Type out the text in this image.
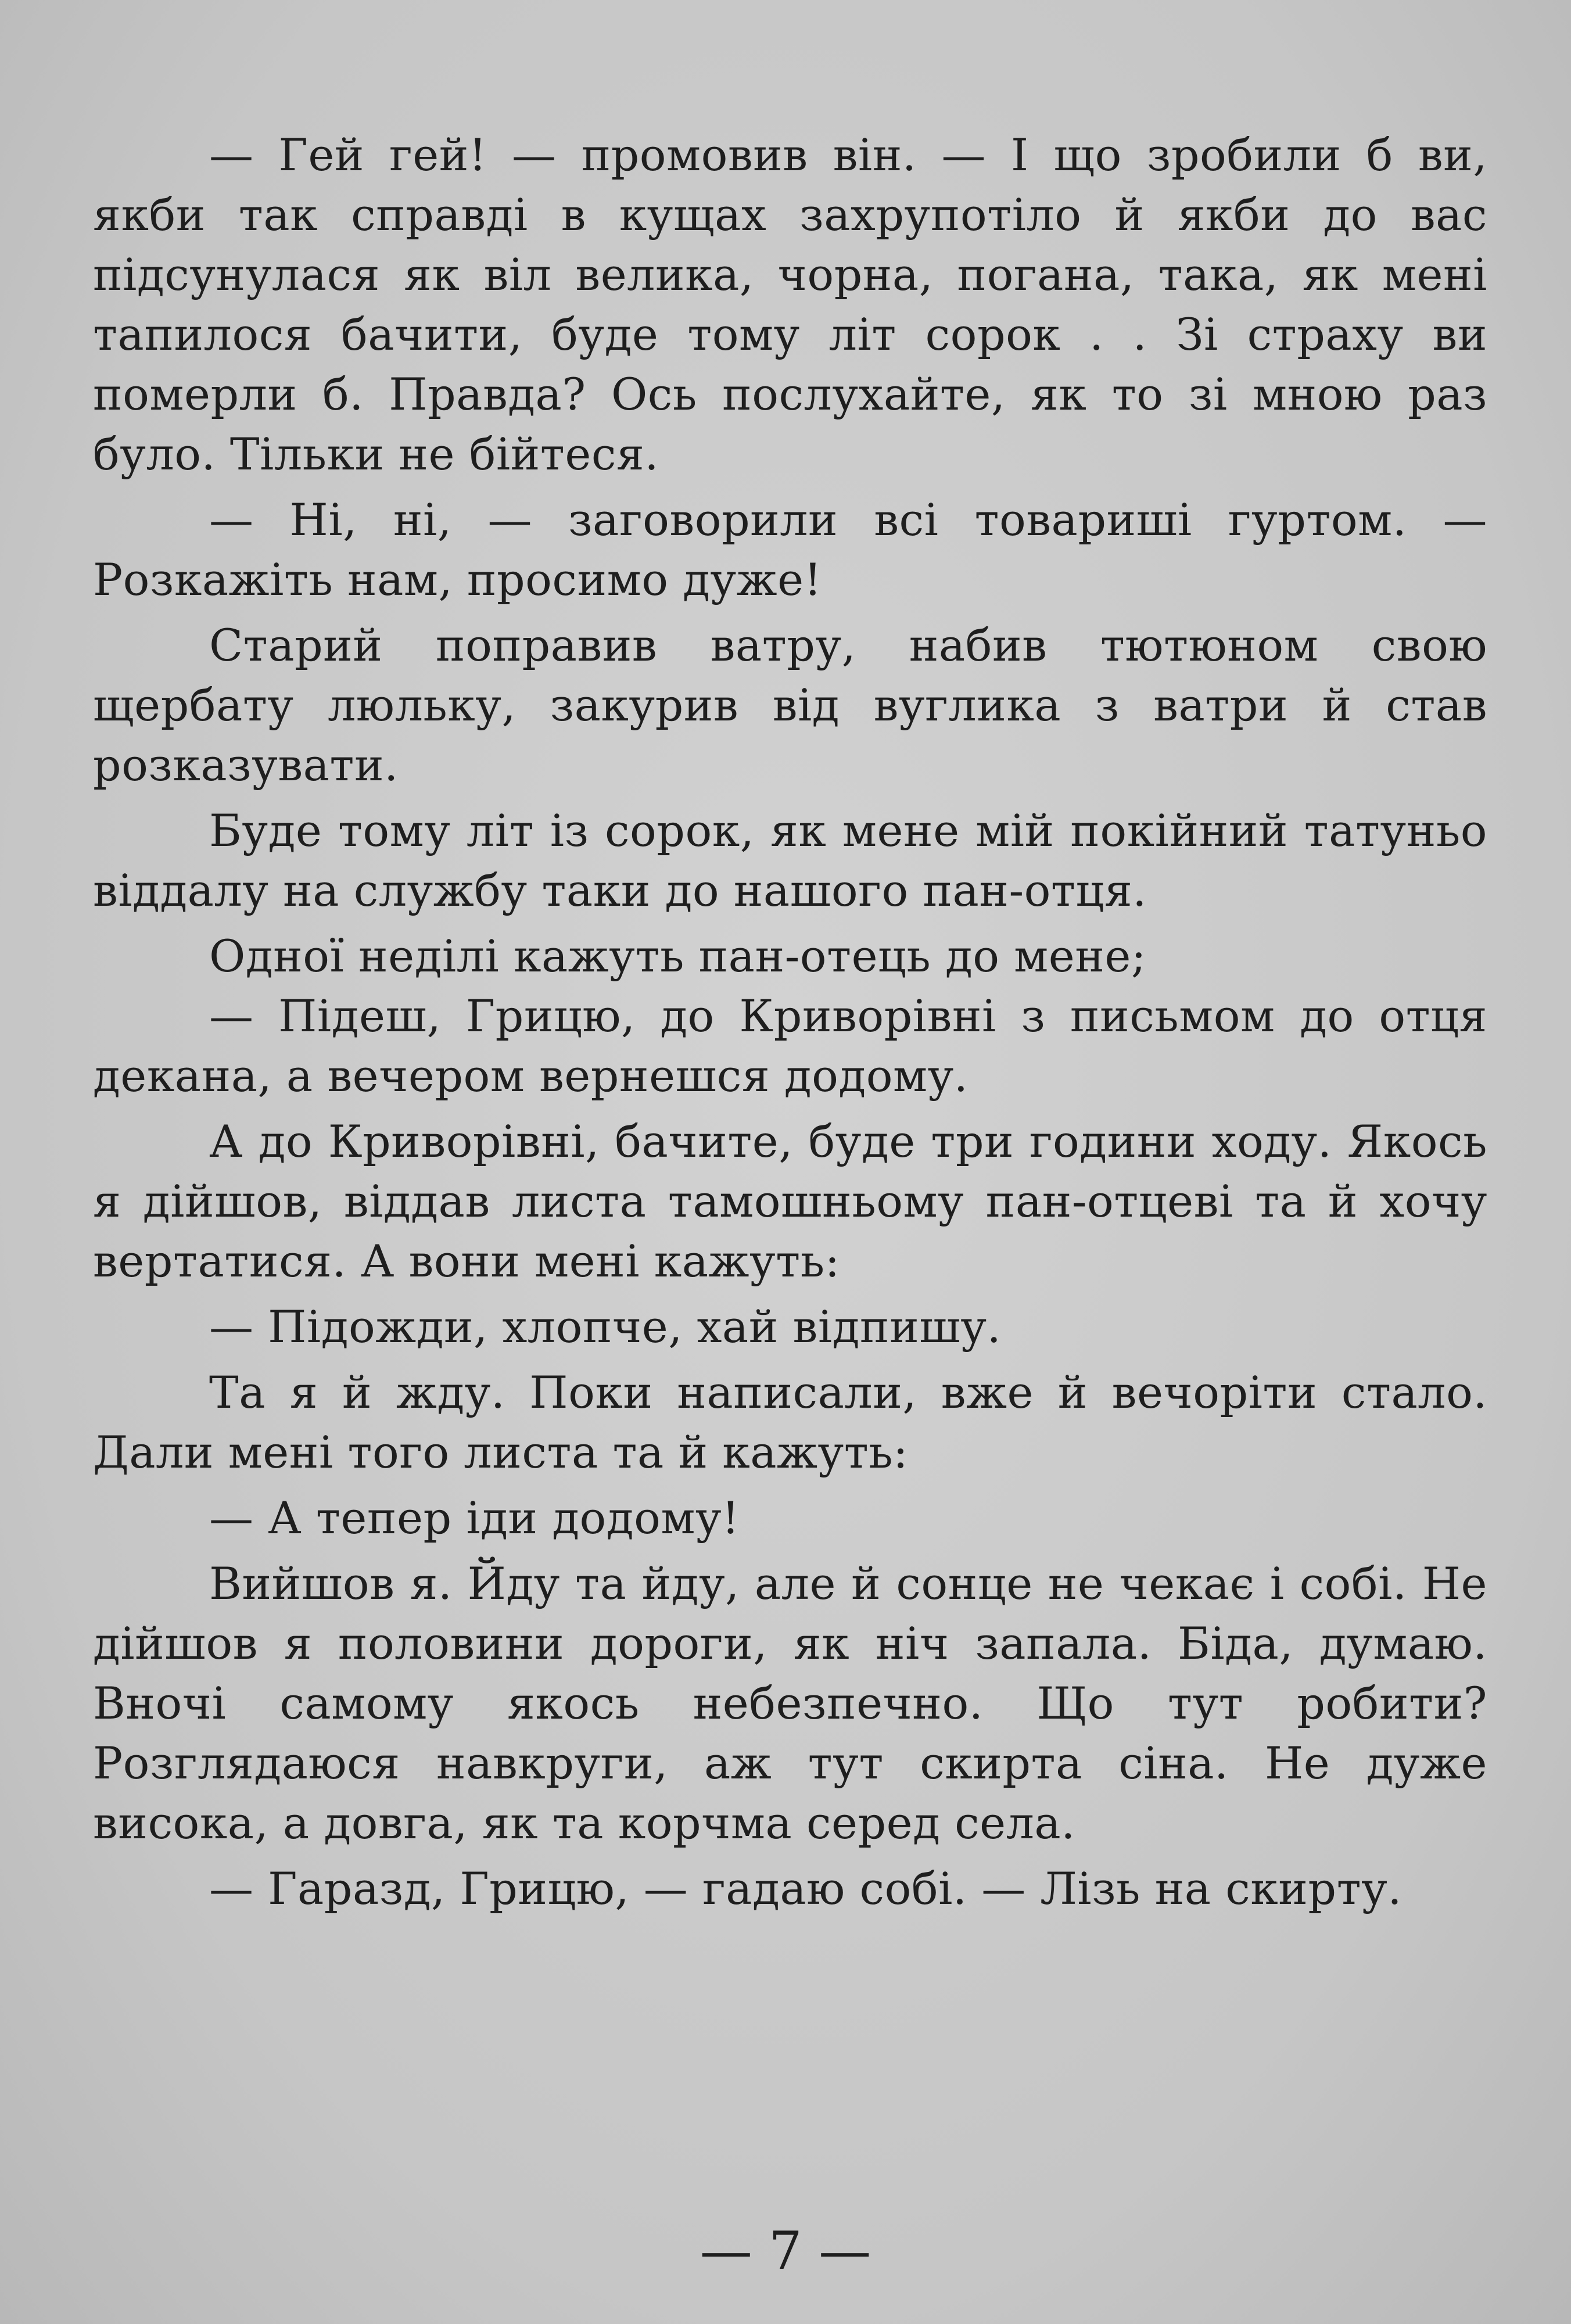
— Гей гей! — промовив він. — І що зробили б ви, якби так справді в кущах захрупотіло й якби до вас підсунулася як віл велика, чорна, погана, така, як мені тапилося бачити, буде тому літ сорок . . Зі страху ви померли б. Правда? Ось послухайте, як то зі мною раз було. Тільки не бійтеся.

— Ні, ні, — заговорили всі товариші гуртом. — Розкажіть нам, просимо дуже!

Старий поправив ватру, набив тютюном свою щербату люльку, закурив від вуглика з ватри й став розказувати.

Буде тому літ із сорок, як мене мій покійний татуньо віддалу на службу таки до нашого пан-отця.

Одної неділі кажуть пан-отець до мене;

— Підеш, Грицю, до Криворівні з письмом до отця декана, а вечером вернешся додому.

А до Криворівні, бачите, буде три години ходу. Якось я дійшов, віддав листа тамошньому пан-отцеві та й хочу вертатися. А вони мені кажуть:

— Підожди, хлопче, хай відпишу.

Та я й жду. Поки написали, вже й вечоріти стало. Дали мені того листа та й кажуть:

— А тепер іди додому!

Вийшов я. Йду та йду, але й сонце не чекає і собі. Не дійшов я половини дороги, як ніч запала. Біда, думаю. Вночі самому якось небезпечно. Що тут робити? Розглядаюся навкруги, аж тут скирта сіна. Не дуже висока, а довга, як та корчма серед села.

— Гаразд, Грицю, — гадаю собі. — Лізь на скирту.

— 7 —
